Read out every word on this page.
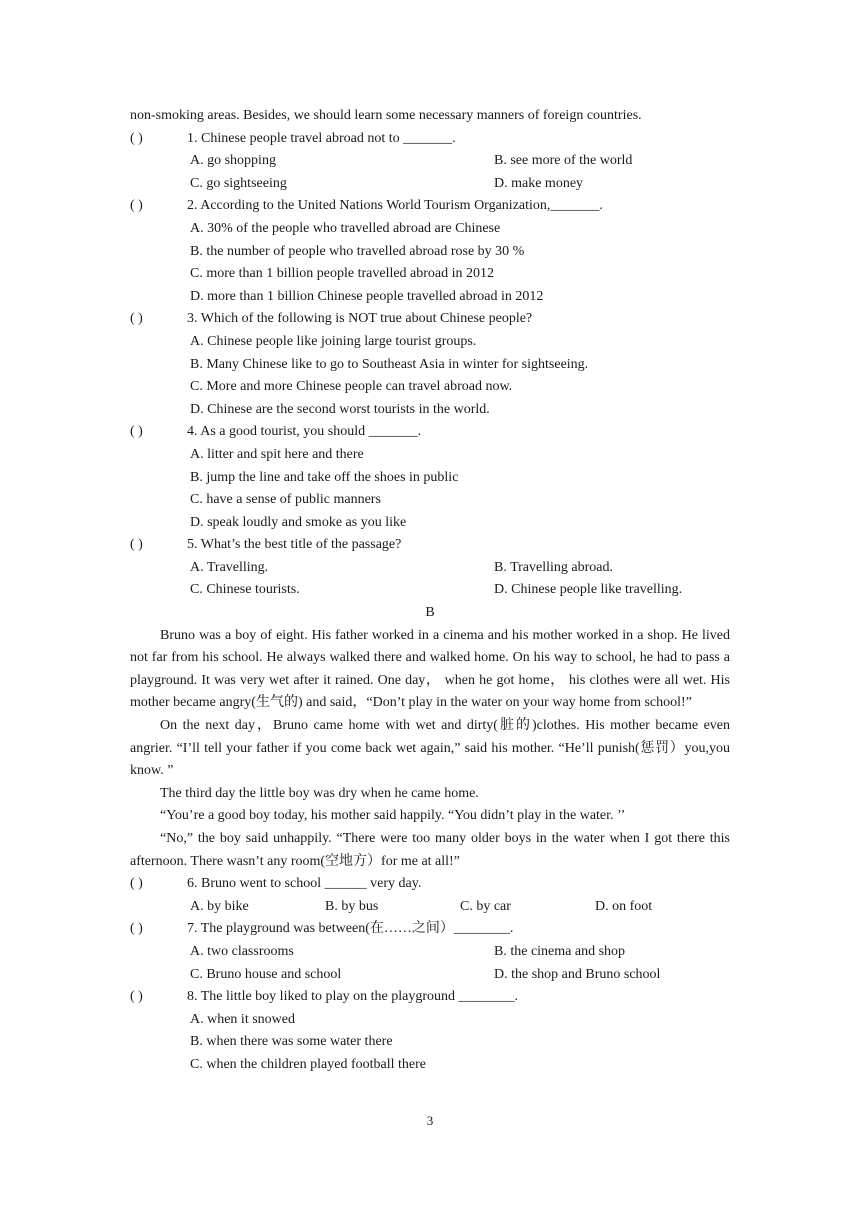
non-smoking areas. Besides, we should learn some necessary manners of foreign countries.
( )	1. Chinese people travel abroad not to _______.
A. go shopping	B. see more of the world
C. go sightseeing	D. make money
( )	2. According to the United Nations World Tourism Organization,_______.
A. 30% of the people who travelled abroad are Chinese
B. the number of people who travelled abroad rose by 30 %
C. more than 1 billion people travelled abroad in 2012
D. more than 1 billion Chinese people travelled abroad in 2012
( )	3. Which of the following is NOT true about Chinese people?
A. Chinese people like joining large tourist groups.
B. Many Chinese like to go to Southeast Asia in winter for sightseeing.
C. More and more Chinese people can travel abroad now.
D. Chinese are the second worst tourists in the world.
( )	4. As a good tourist, you should _______.
A. litter and spit here and there
B. jump the line and take off the shoes in public
C. have a sense of public manners
D. speak loudly and smoke as you like
( )	5. What’s the best title of the passage?
A. Travelling.	B. Travelling abroad.
C. Chinese tourists.	D. Chinese people like travelling.
B
Bruno was a boy of eight. His father worked in a cinema and his mother worked in a shop. He lived not far from his school. He always walked there and walked home. On his way to school, he had to pass a playground. It was very wet after it rained. One day， when he got home， his clothes were all wet. His mother became angry(生气的) and said，“Don’t play in the water on your way home from school!”
On the next day，Bruno came home with wet and dirty(脏的)clothes. His mother became even angrier. “I’ll tell your father if you come back wet again,” said his mother. “He’ll punish(惩罚）you,you know. ”
The third day the little boy was dry when he came home.
“You’re a good boy today, his mother said happily. “You didn’t play in the water. ’’
“No,” the boy said unhappily. “There were too many older boys in the water when I got there this afternoon. There wasn’t any room(空地方）for me at all!”
( )	6. Bruno went to school ______ very day.
A. by bike	B. by bus	C. by car	D. on foot
( )	7. The playground was between(在……之间）________.
A. two classrooms	B. the cinema and shop
C. Bruno house and school	D. the shop and Bruno school
( )	8. The little boy liked to play on the playground ________.
A. when it snowed
B. when there was some water there
C. when the children played football there
3
